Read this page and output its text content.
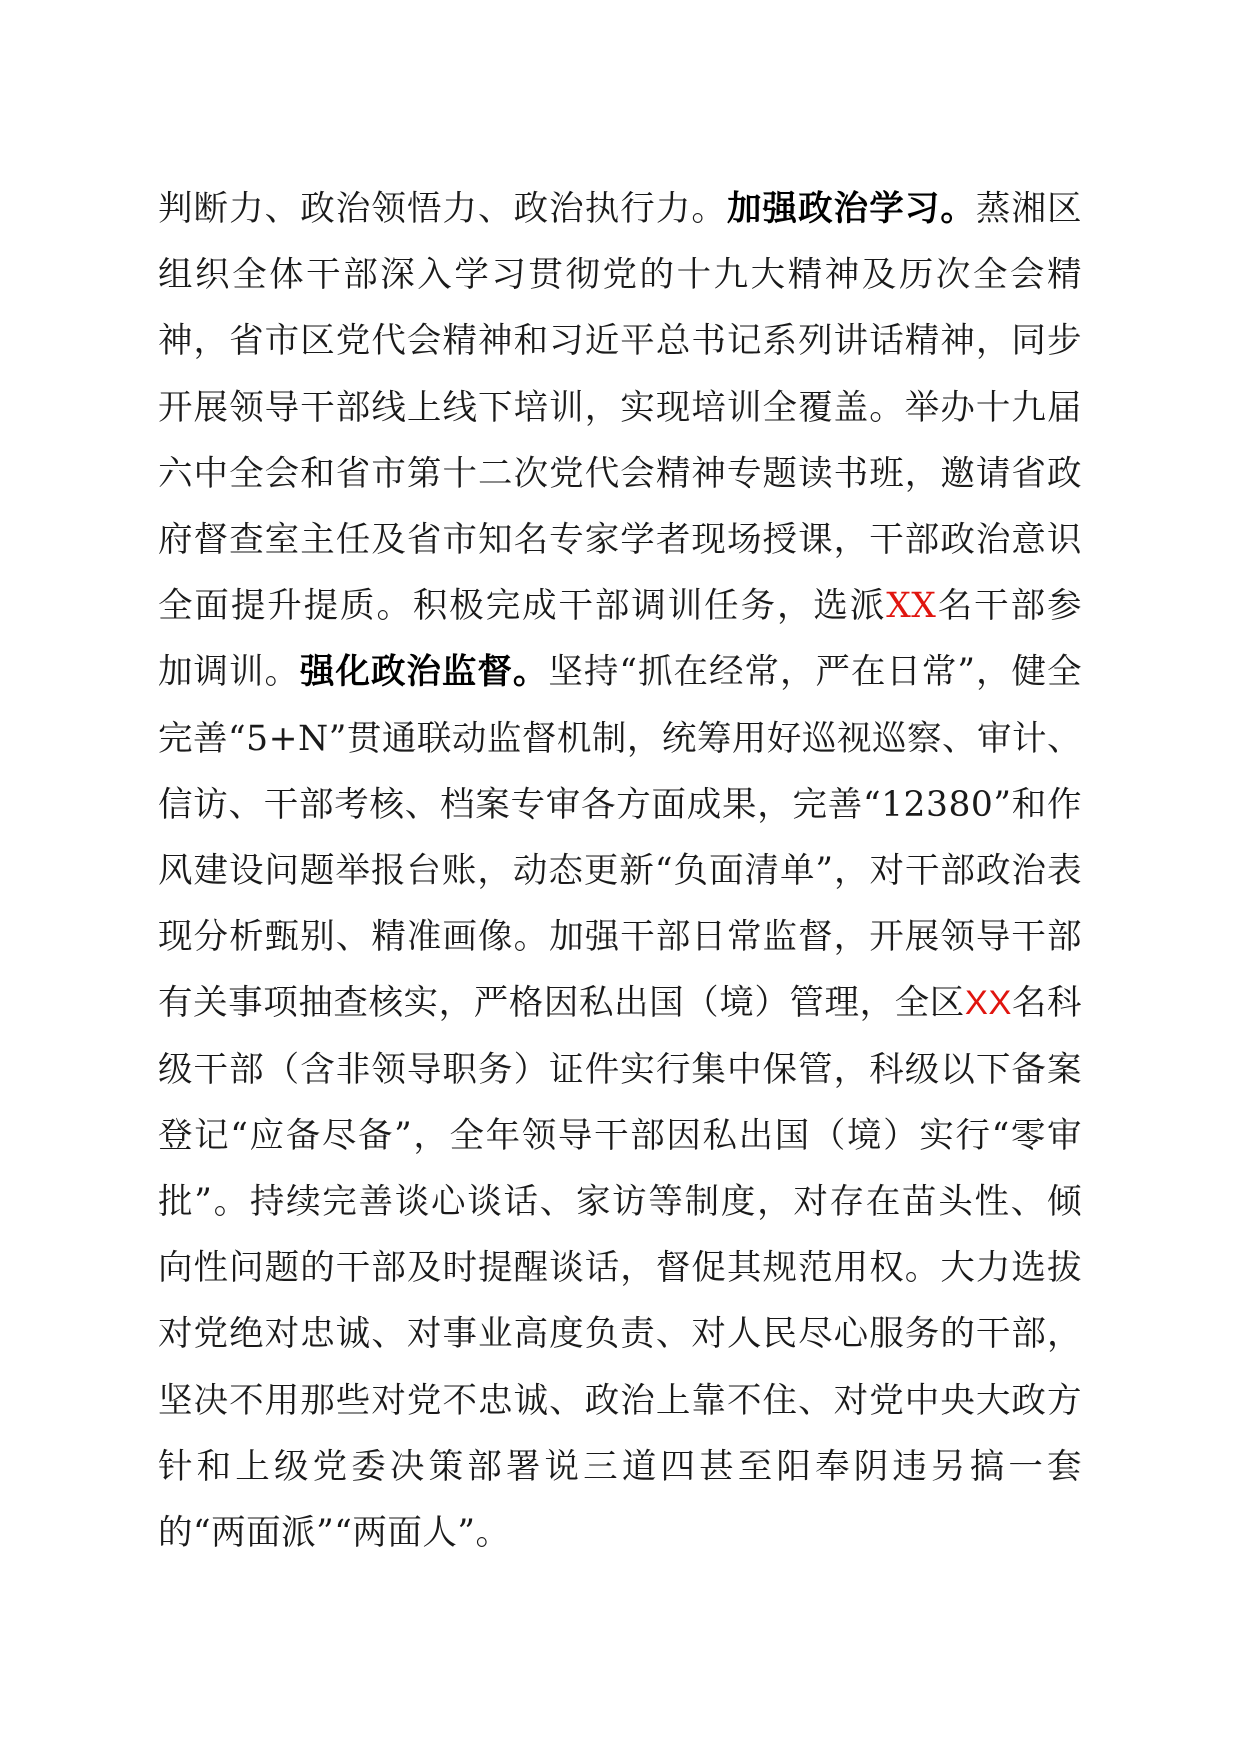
判断力、政治领悟力、政治执行力。加强政治学习。蒸湘区组织全体干部深入学习贯彻党的十九大精神及历次全会精神，省市区党代会精神和习近平总书记系列讲话精神，同步开展领导干部线上线下培训，实现培训全覆盖。举办十九届六中全会和省市第十二次党代会精神专题读书班，邀请省政府督查室主任及省市知名专家学者现场授课，干部政治意识全面提升提质。积极完成干部调训任务，选派XX名干部参加调训。强化政治监督。坚持“抓在经常，严在日常”，健全完善“5+N”贯通联动监督机制，统筹用好巡视巡察、审计、信访、干部考核、档案专审各方面成果，完善“12380”和作风建设问题举报台账，动态更新“负面清单”，对干部政治表现分析甄别、精准画像。加强干部日常监督，开展领导干部有关事项抽查核实，严格因私出国（境）管理，全区XX名科级干部（含非领导职务）证件实行集中保管，科级以下备案登记“应备尽备”，全年领导干部因私出国（境）实行“零审批”。持续完善谈心谈话、家访等制度，对存在苗头性、倾向性问题的干部及时提醒谈话，督促其规范用权。大力选拔对党绝对忠诚、对事业高度负责、对人民尽心服务的干部，坚决不用那些对党不忠诚、政治上靠不住、对党中央大政方针和上级党委决策部署说三道四甚至阳奉阴违另搞一套的“两面派”“两面人”。
